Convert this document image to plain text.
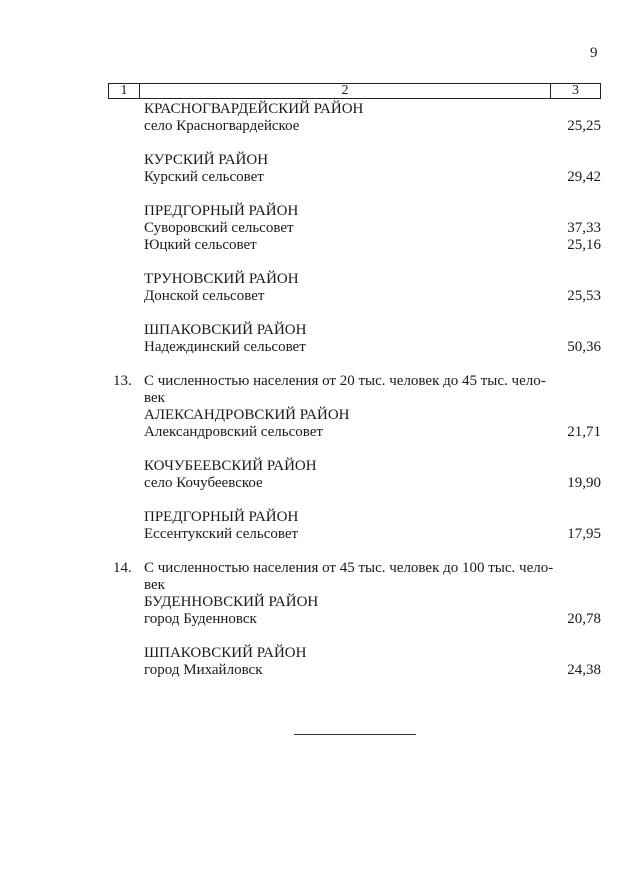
9
1	2	3
КРАСНОГВАРДЕЙСКИЙ РАЙОН
село Красногвардейское	25,25
КУРСКИЙ РАЙОН
Курский сельсовет	29,42
ПРЕДГОРНЫЙ РАЙОН
Суворовский сельсовет	37,33
Юцкий сельсовет	25,16
ТРУНОВСКИЙ РАЙОН
Донской сельсовет	25,53
ШПАКОВСКИЙ РАЙОН
Надеждинский сельсовет	50,36
13. С численностью населения от 20 тыс. человек до 45 тыс. чело-
век
АЛЕКСАНДРОВСКИЙ РАЙОН
Александровский сельсовет	21,71
КОЧУБЕЕВСКИЙ РАЙОН
село Кочубеевское	19,90
ПРЕДГОРНЫЙ РАЙОН
Ессентукский сельсовет	17,95
14. С численностью населения от 45 тыс. человек до 100 тыс. чело-
век
БУДЕННОВСКИЙ РАЙОН
город Буденновск	20,78
ШПАКОВСКИЙ РАЙОН
город Михайловск	24,38
